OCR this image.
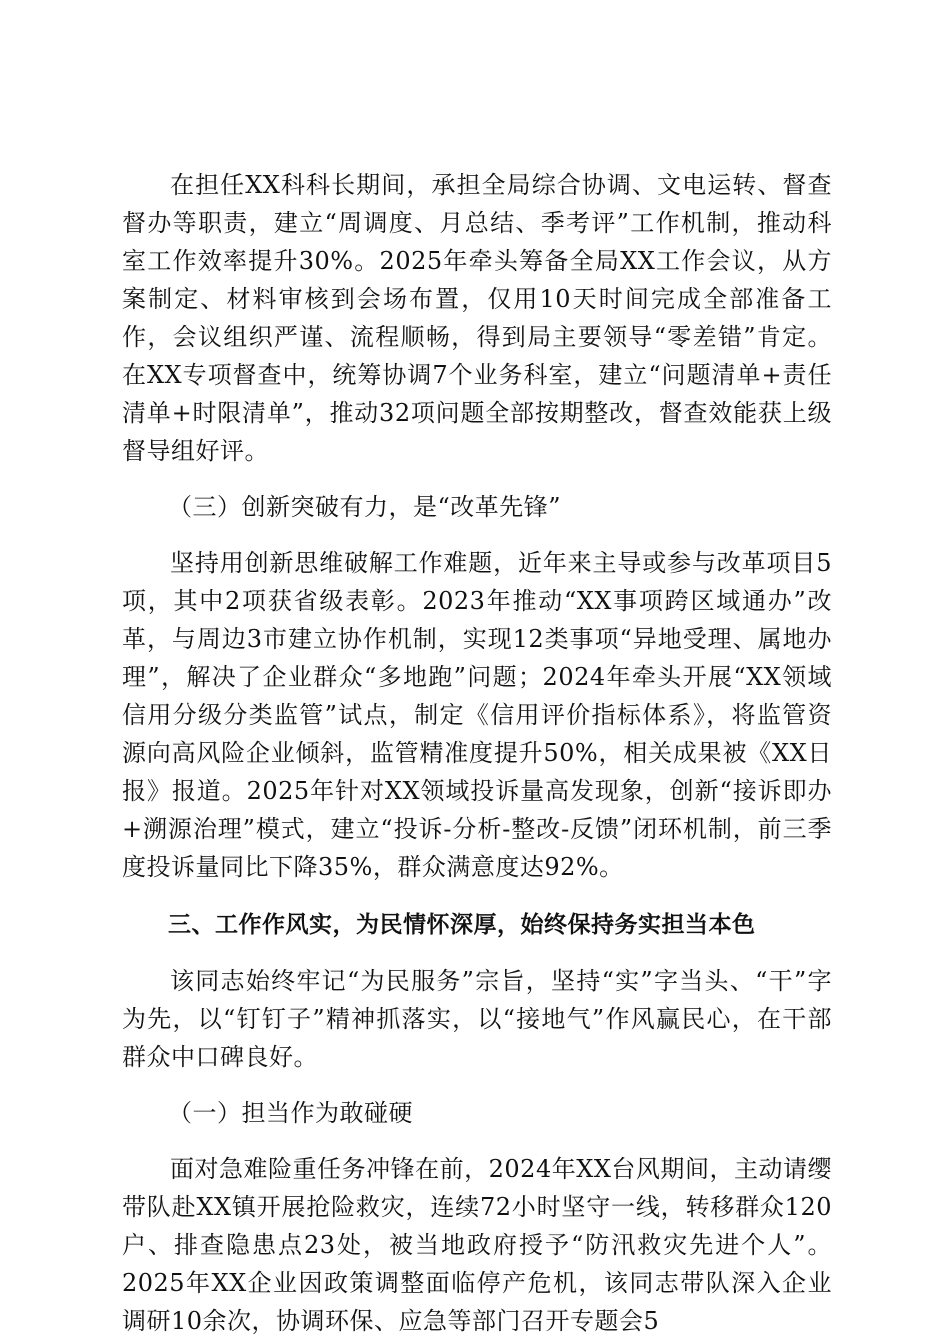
在担任XX科科长期间，承担全局综合协调、文电运转、督查督办等职责，建立“周调度、月总结、季考评”工作机制，推动科室工作效率提升30%。2025年牵头筹备全局XX工作会议，从方案制定、材料审核到会场布置，仅用10天时间完成全部准备工作，会议组织严谨、流程顺畅，得到局主要领导“零差错”肯定。在XX专项督查中，统筹协调7个业务科室，建立“问题清单+责任清单+时限清单”，推动32项问题全部按期整改，督查效能获上级督导组好评。

（三）创新突破有力，是“改革先锋”

坚持用创新思维破解工作难题，近年来主导或参与改革项目5项，其中2项获省级表彰。2023年推动“XX事项跨区域通办”改革，与周边3市建立协作机制，实现12类事项“异地受理、属地办理”，解决了企业群众“多地跑”问题；2024年牵头开展“XX领域信用分级分类监管”试点，制定《信用评价指标体系》，将监管资源向高风险企业倾斜，监管精准度提升50%，相关成果被《XX日报》报道。2025年针对XX领域投诉量高发现象，创新“接诉即办+溯源治理”模式，建立“投诉-分析-整改-反馈”闭环机制，前三季度投诉量同比下降35%，群众满意度达92%。

三、工作作风实，为民情怀深厚，始终保持务实担当本色

该同志始终牢记“为民服务”宗旨，坚持“实”字当头、“干”字为先，以“钉钉子”精神抓落实，以“接地气”作风赢民心，在干部群众中口碑良好。

（一）担当作为敢碰硬

面对急难险重任务冲锋在前，2024年XX台风期间，主动请缨带队赴XX镇开展抢险救灾，连续72小时坚守一线，转移群众120户、排查隐患点23处，被当地政府授予“防汛救灾先进个人”。2025年XX企业因政策调整面临停产危机，该同志带队深入企业调研10余次，协调环保、应急等部门召开专题会5
